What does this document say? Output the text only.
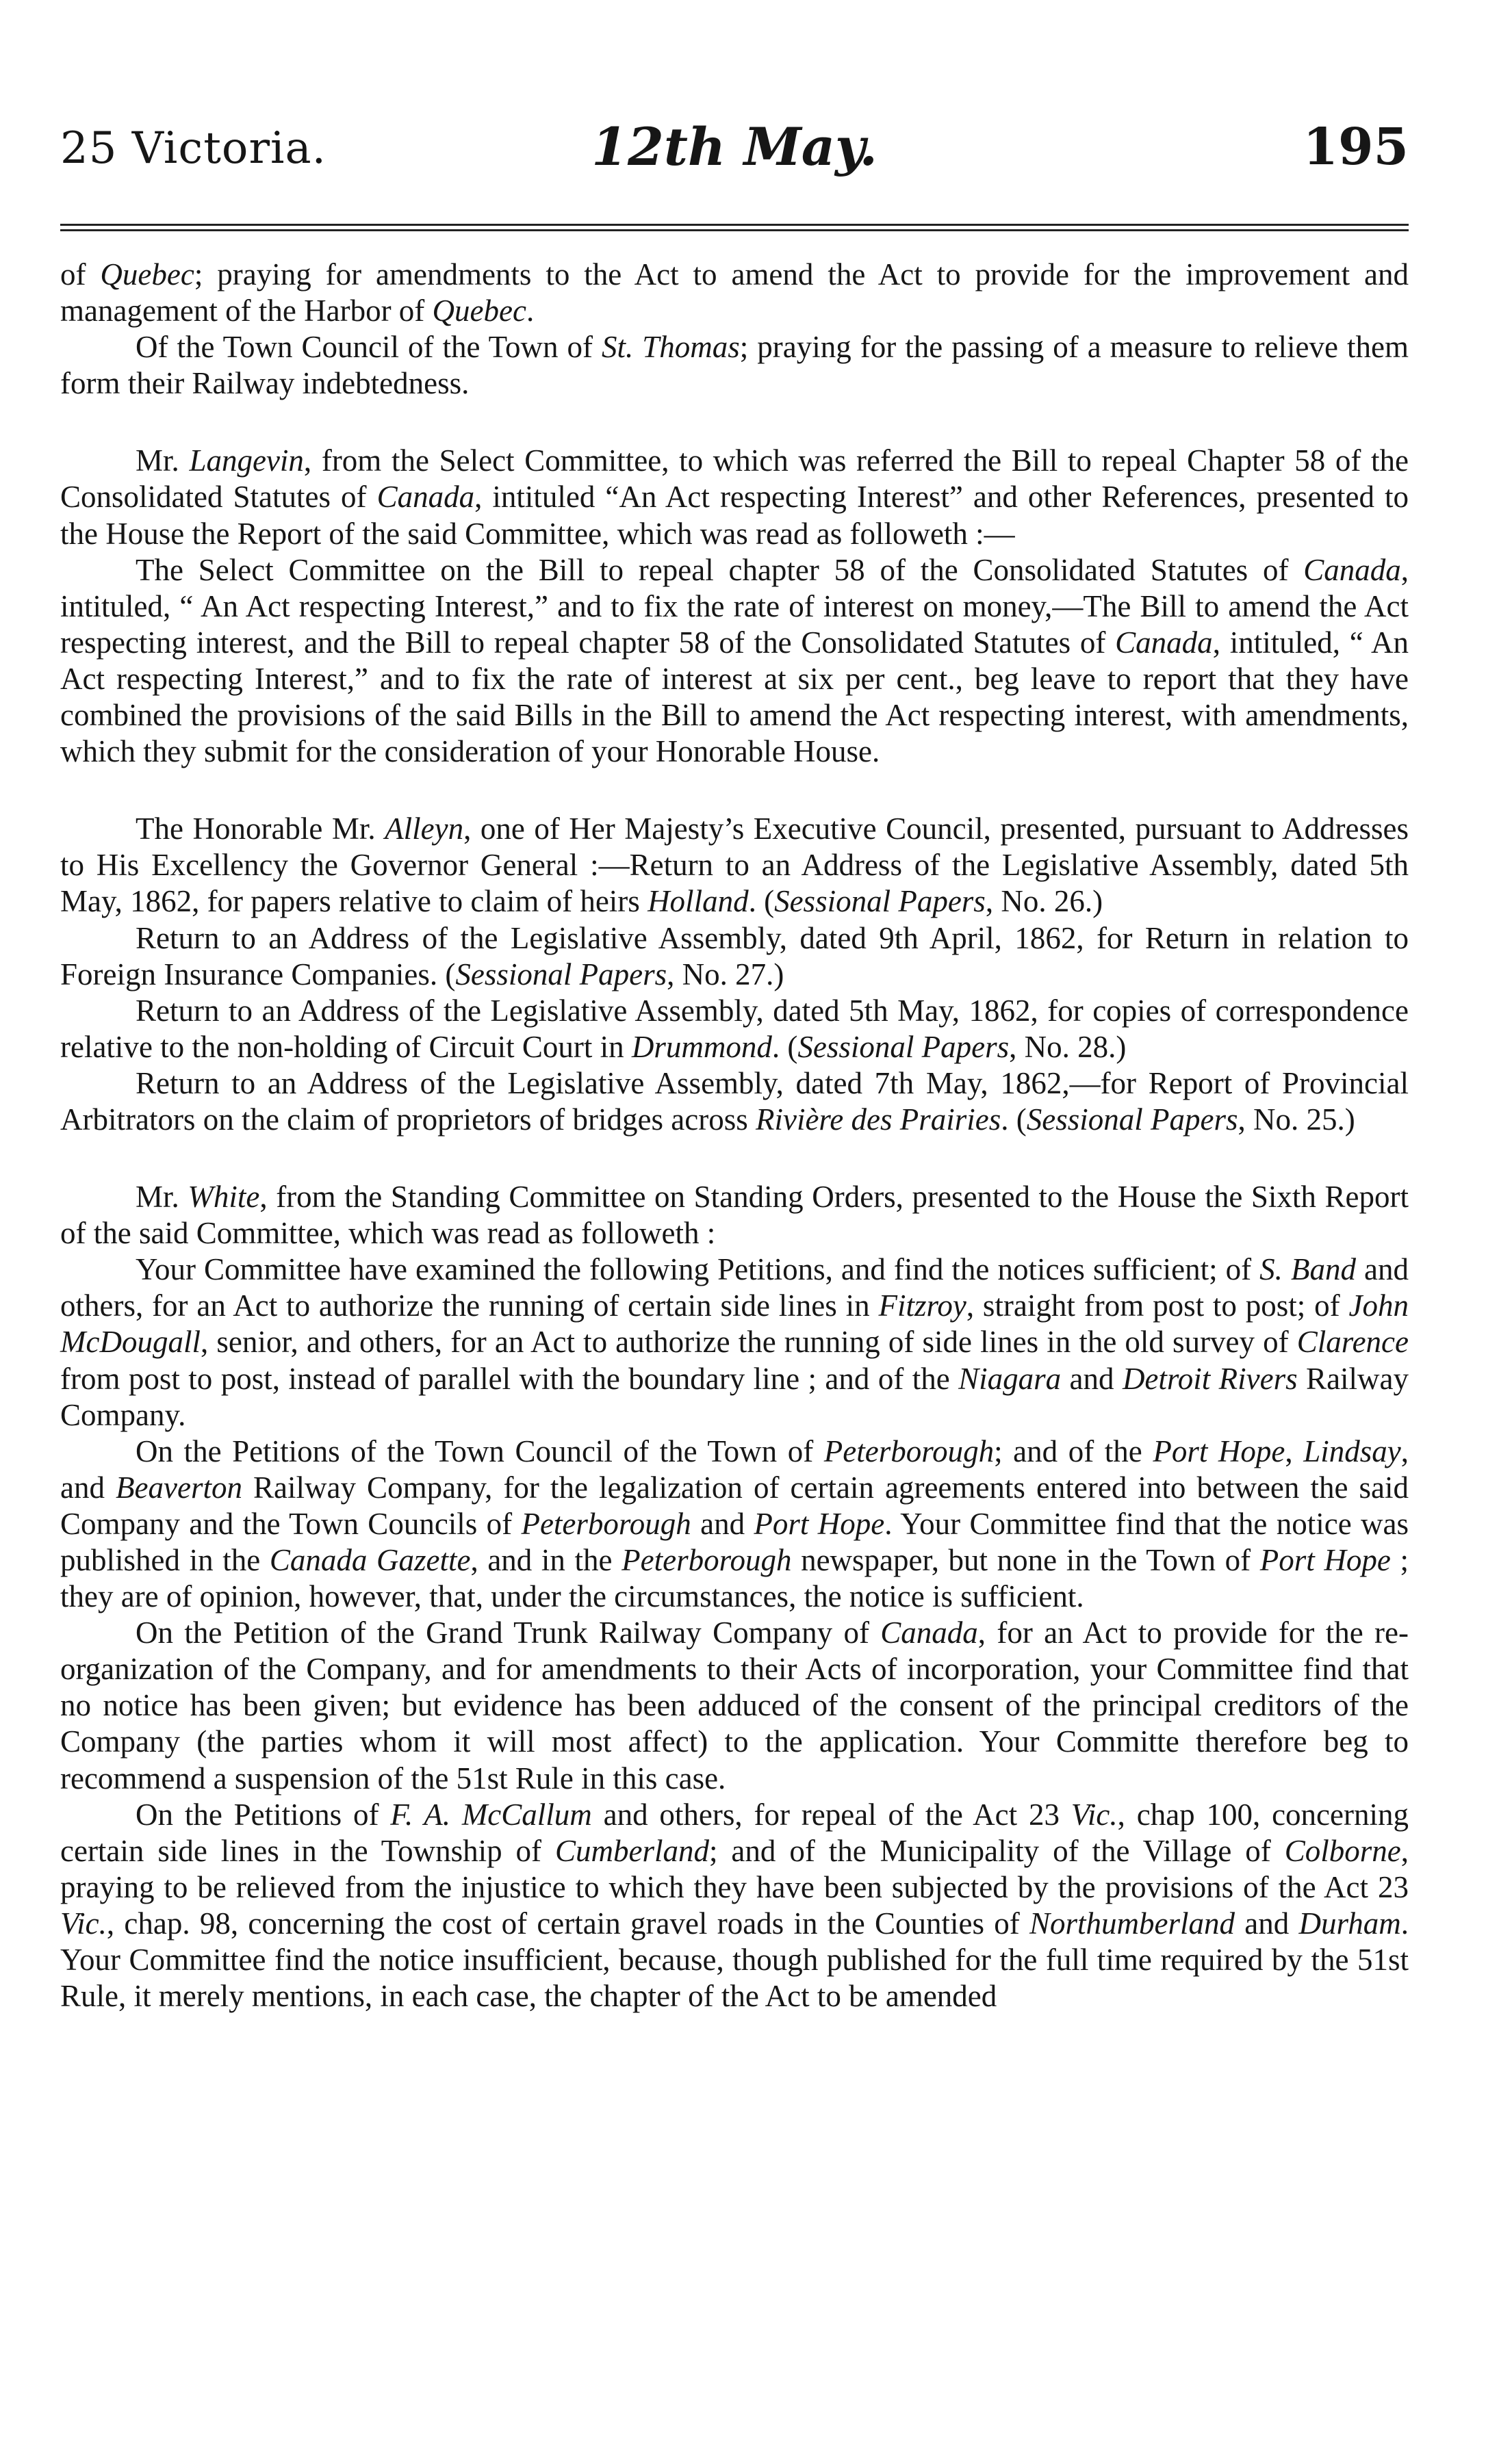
25 Victoria.	12th May.	195

of Quebec; praying for amendments to the Act to amend the Act to provide for the improvement and management of the Harbor of Quebec.

Of the Town Council of the Town of St. Thomas; praying for the passing of a measure to relieve them form their Railway indebtedness.

Mr. Langevin, from the Select Committee, to which was referred the Bill to repeal Chapter 58 of the Consolidated Statutes of Canada, intituled “An Act respecting Interest” and other References, presented to the House the Report of the said Committee, which was read as followeth :—

The Select Committee on the Bill to repeal chapter 58 of the Consolidated Statutes of Canada, intituled, “ An Act respecting Interest,” and to fix the rate of interest on money,—The Bill to amend the Act respecting interest, and the Bill to repeal chapter 58 of the Consolidated Statutes of Canada, intituled, “ An Act respecting Interest,” and to fix the rate of interest at six per cent., beg leave to report that they have combined the provisions of the said Bills in the Bill to amend the Act respecting interest, with amendments, which they submit for the consideration of your Honorable House.

The Honorable Mr. Alleyn, one of Her Majesty’s Executive Council, presented, pursuant to Addresses to His Excellency the Governor General :—Return to an Address of the Legislative Assembly, dated 5th May, 1862, for papers relative to claim of heirs Holland. (Sessional Papers, No. 26.)

Return to an Address of the Legislative Assembly, dated 9th April, 1862, for Return in relation to Foreign Insurance Companies. (Sessional Papers, No. 27.)

Return to an Address of the Legislative Assembly, dated 5th May, 1862, for copies of correspondence relative to the non-holding of Circuit Court in Drummond. (Sessional Papers, No. 28.)

Return to an Address of the Legislative Assembly, dated 7th May, 1862,—for Report of Provincial Arbitrators on the claim of proprietors of bridges across Rivière des Prairies. (Sessional Papers, No. 25.)

Mr. White, from the Standing Committee on Standing Orders, presented to the House the Sixth Report of the said Committee, which was read as followeth :

Your Committee have examined the following Petitions, and find the notices sufficient; of S. Band and others, for an Act to authorize the running of certain side lines in Fitzroy, straight from post to post; of John McDougall, senior, and others, for an Act to authorize the running of side lines in the old survey of Clarence from post to post, instead of parallel with the boundary line ; and of the Niagara and Detroit Rivers Railway Company.

On the Petitions of the Town Council of the Town of Peterborough; and of the Port Hope, Lindsay, and Beaverton Railway Company, for the legalization of certain agreements entered into between the said Company and the Town Councils of Peterborough and Port Hope. Your Committee find that the notice was published in the Canada Gazette, and in the Peterborough newspaper, but none in the Town of Port Hope ; they are of opinion, however, that, under the circumstances, the notice is sufficient.

On the Petition of the Grand Trunk Railway Company of Canada, for an Act to provide for the re-organization of the Company, and for amendments to their Acts of incorporation, your Committee find that no notice has been given; but evidence has been adduced of the consent of the principal creditors of the Company (the parties whom it will most affect) to the application. Your Committe therefore beg to recommend a suspension of the 51st Rule in this case.

On the Petitions of F. A. McCallum and others, for repeal of the Act 23 Vic., chap 100, concerning certain side lines in the Township of Cumberland; and of the Municipality of the Village of Colborne, praying to be relieved from the injustice to which they have been subjected by the provisions of the Act 23 Vic., chap. 98, concerning the cost of certain gravel roads in the Counties of Northumberland and Durham. Your Committee find the notice insufficient, because, though published for the full time required by the 51st Rule, it merely mentions, in each case, the chapter of the Act to be amended
